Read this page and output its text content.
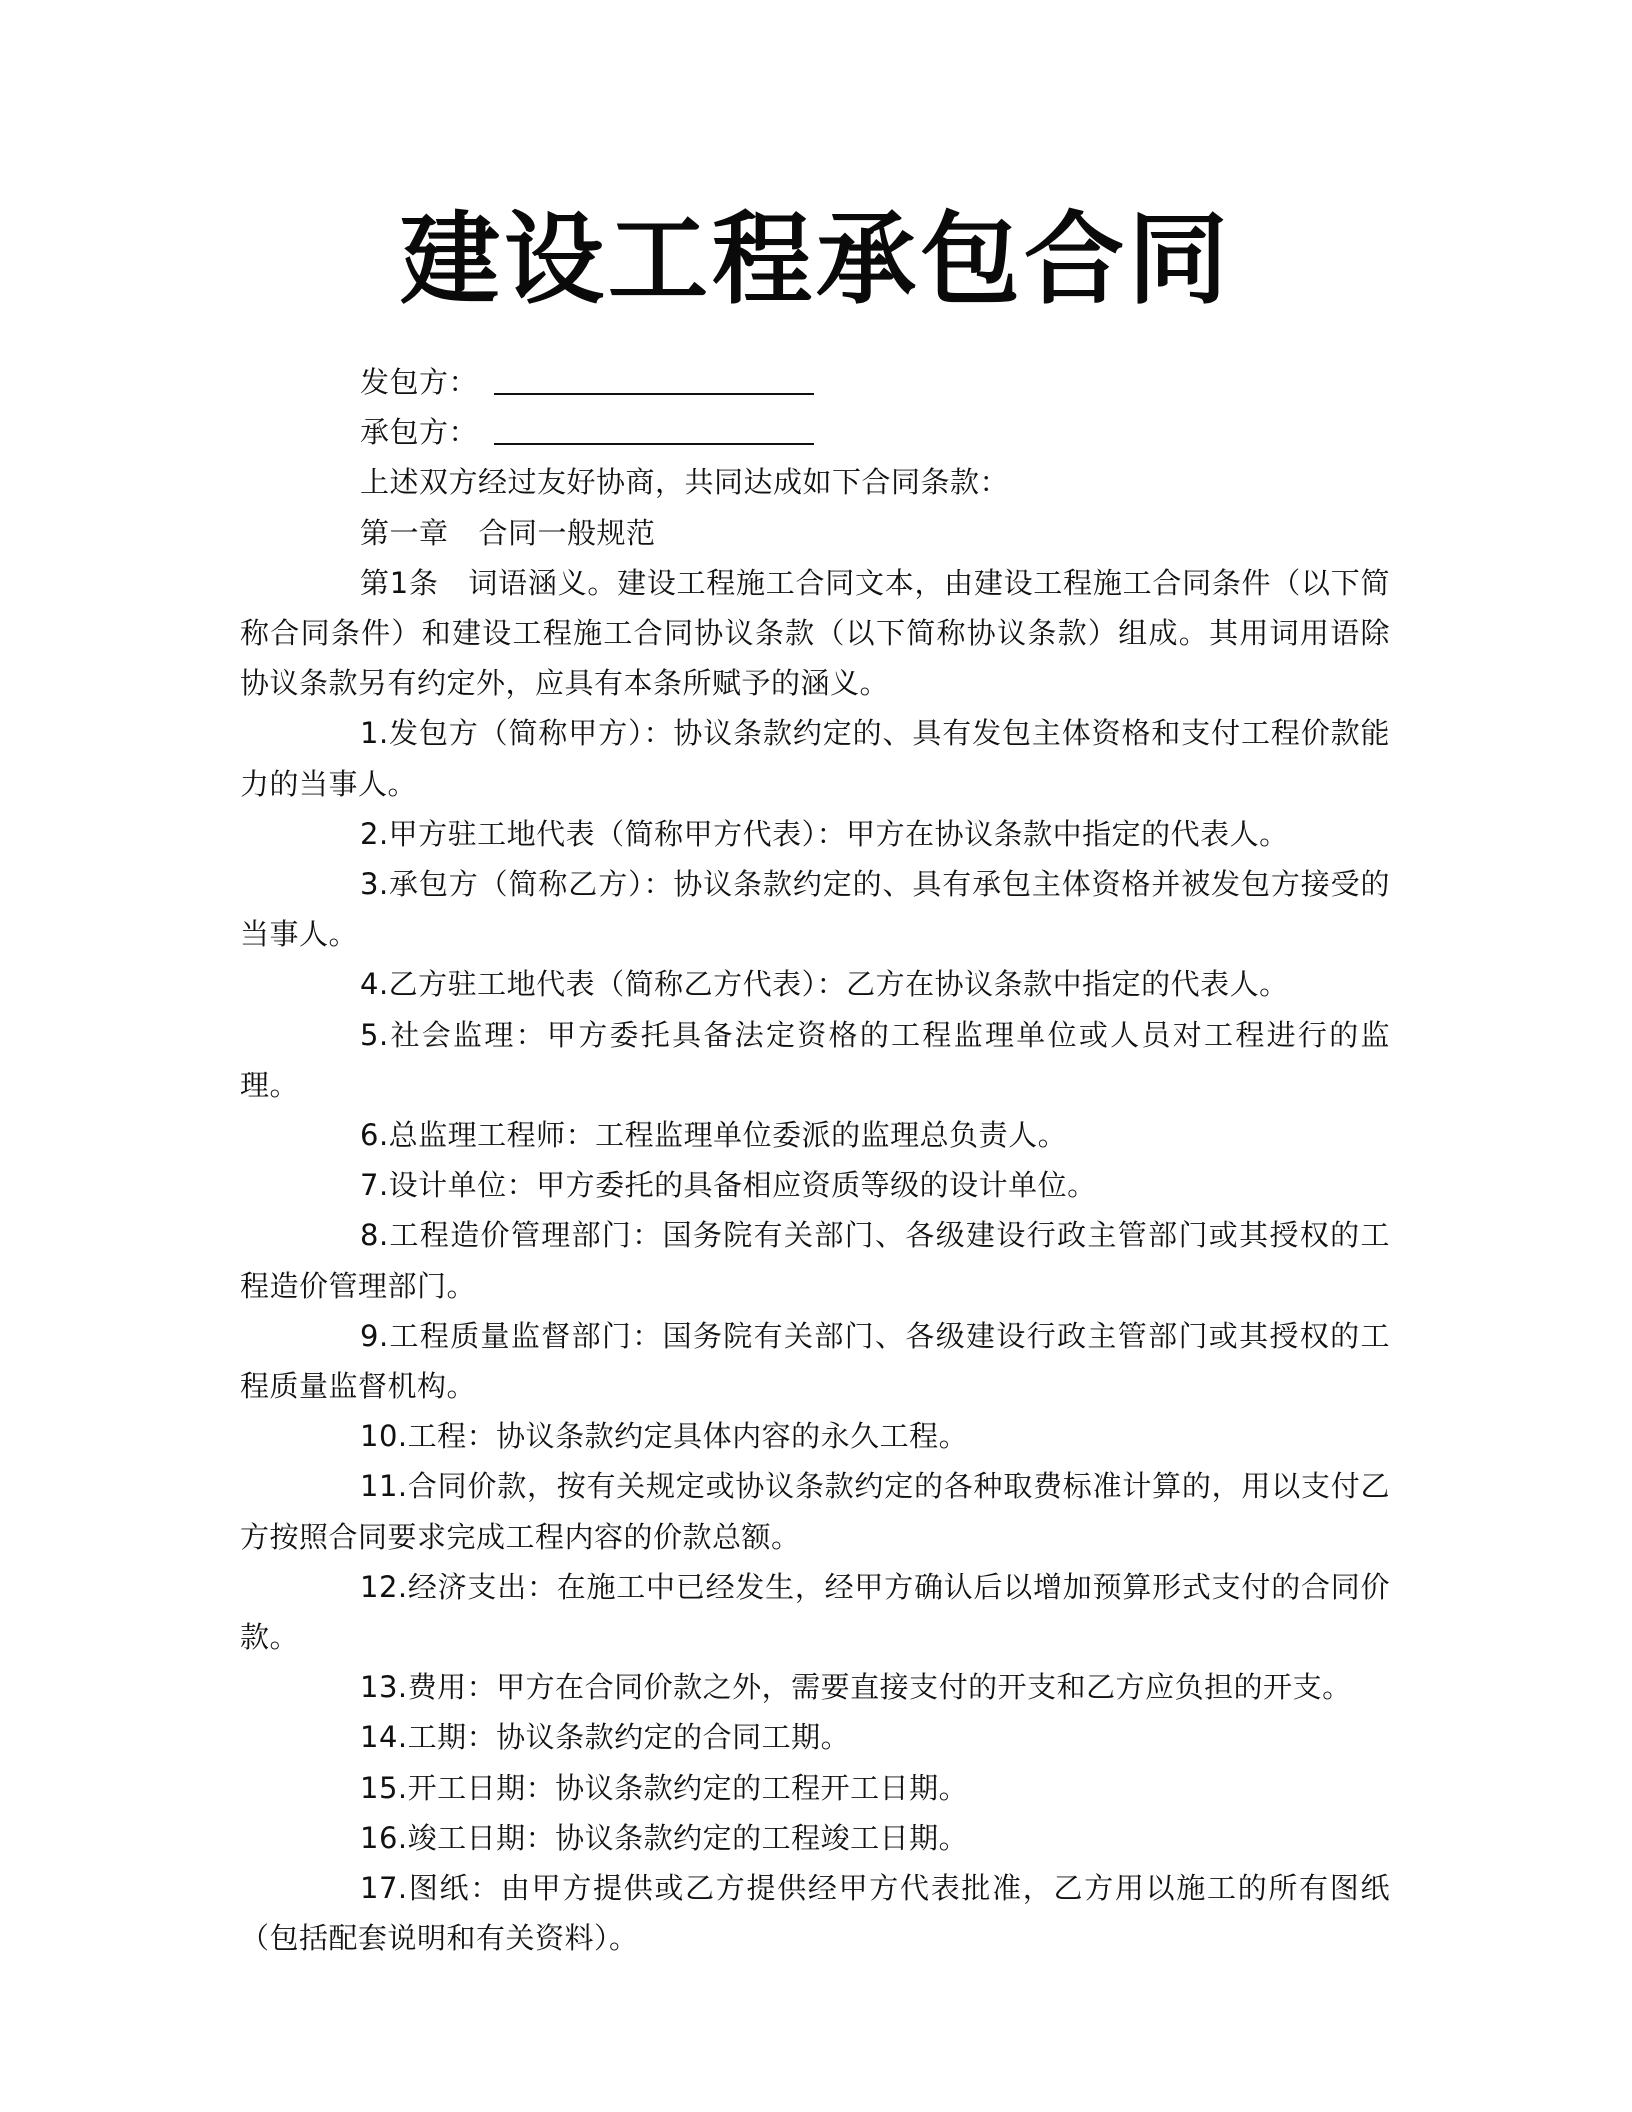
建设工程承包合同
发包方：
承包方：
上述双方经过友好协商，共同达成如下合同条款：
第一章 合同一般规范
第1条　词语涵义。建设工程施工合同文本，由建设工程施工合同条件（以下简称合同条件）和建设工程施工合同协议条款（以下简称协议条款）组成。其用词用语除协议条款另有约定外，应具有本条所赋予的涵义。
1.发包方（简称甲方）：协议条款约定的、具有发包主体资格和支付工程价款能力的当事人。
2.甲方驻工地代表（简称甲方代表）：甲方在协议条款中指定的代表人。
3.承包方（简称乙方）：协议条款约定的、具有承包主体资格并被发包方接受的当事人。
4.乙方驻工地代表（简称乙方代表）：乙方在协议条款中指定的代表人。
5.社会监理：甲方委托具备法定资格的工程监理单位或人员对工程进行的监理。
6.总监理工程师：工程监理单位委派的监理总负责人。
7.设计单位：甲方委托的具备相应资质等级的设计单位。
8.工程造价管理部门：国务院有关部门、各级建设行政主管部门或其授权的工程造价管理部门。
9.工程质量监督部门：国务院有关部门、各级建设行政主管部门或其授权的工程质量监督机构。
10.工程：协议条款约定具体内容的永久工程。
11.合同价款，按有关规定或协议条款约定的各种取费标准计算的，用以支付乙方按照合同要求完成工程内容的价款总额。
12.经济支出：在施工中已经发生，经甲方确认后以增加预算形式支付的合同价款。
13.费用：甲方在合同价款之外，需要直接支付的开支和乙方应负担的开支。
14.工期：协议条款约定的合同工期。
15.开工日期：协议条款约定的工程开工日期。
16.竣工日期：协议条款约定的工程竣工日期。
17.图纸：由甲方提供或乙方提供经甲方代表批准，乙方用以施工的所有图纸（包括配套说明和有关资料）。
